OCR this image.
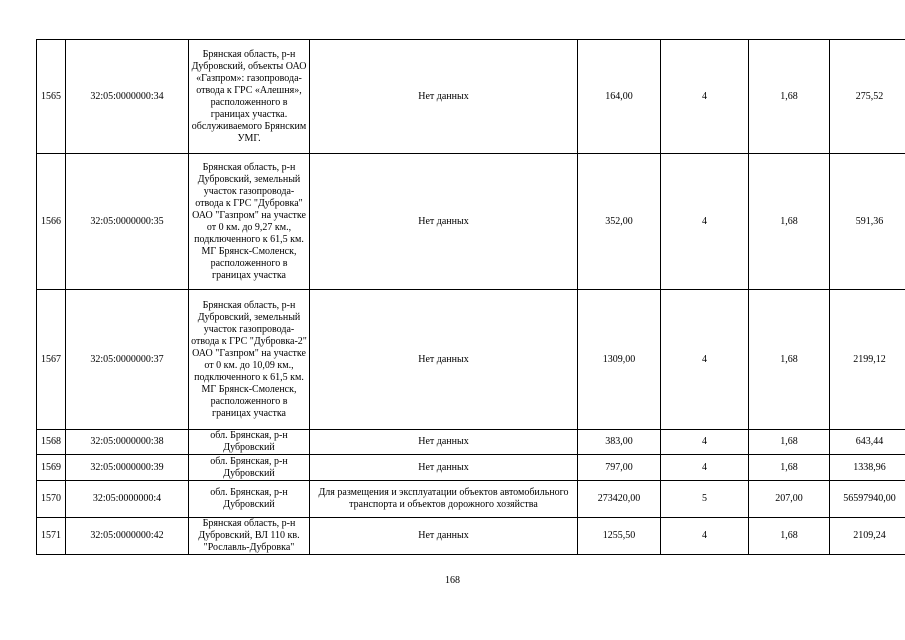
1565	32:05:0000000:34	Брянская область, р-н Дубровский, объекты ОАО «Газпром»: газопровода-отвода к ГРС «Алешня», расположенного в границах участка. обслуживаемого Брянским УМГ.	Нет данных	164,00	4	1,68	275,52
1566	32:05:0000000:35	Брянская область, р-н Дубровский, земельный участок газопровода-отвода к ГРС "Дубровка" ОАО "Газпром" на участке от 0 км. до 9,27 км., подключенного к 61,5 км. МГ Брянск-Смоленск, расположенного в границах участка	Нет данных	352,00	4	1,68	591,36
1567	32:05:0000000:37	Брянская область, р-н Дубровский, земельный участок газопровода-отвода к ГРС "Дубровка-2" ОАО "Газпром" на участке от 0 км. до 10,09 км., подключенного к 61,5 км. МГ Брянск-Смоленск, расположенного в границах участка	Нет данных	1309,00	4	1,68	2199,12
1568	32:05:0000000:38	обл. Брянская, р-н Дубровский	Нет данных	383,00	4	1,68	643,44
1569	32:05:0000000:39	обл. Брянская, р-н Дубровский	Нет данных	797,00	4	1,68	1338,96
1570	32:05:0000000:4	обл. Брянская, р-н Дубровский	Для размещения и эксплуатации объектов автомобильного транспорта и объектов дорожного хозяйства	273420,00	5	207,00	56597940,00
1571	32:05:0000000:42	Брянская область, р-н Дубровский, ВЛ 110 кв. "Рославль-Дубровка"	Нет данных	1255,50	4	1,68	2109,24
168
